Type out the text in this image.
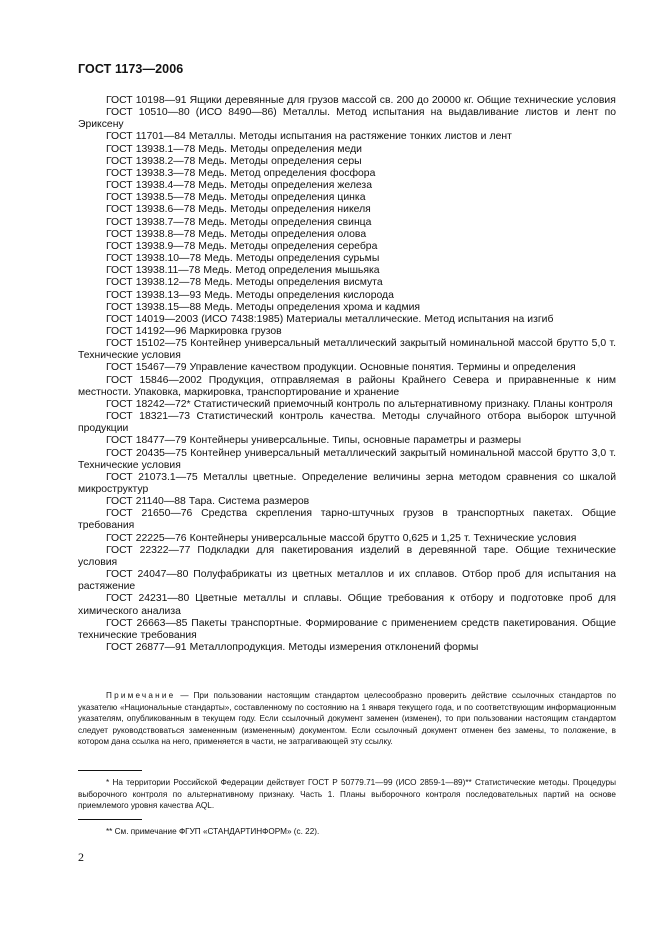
ГОСТ 1173—2006
ГОСТ 10198—91 Ящики деревянные для грузов массой св. 200 до 20000 кг. Общие технические условия
ГОСТ 10510—80 (ИСО 8490—86) Металлы. Метод испытания на выдавливание листов и лент по Эриксену
ГОСТ 11701—84 Металлы. Методы испытания на растяжение тонких листов и лент
ГОСТ 13938.1—78 Медь. Методы определения меди
ГОСТ 13938.2—78 Медь. Методы определения серы
ГОСТ 13938.3—78 Медь. Метод определения фосфора
ГОСТ 13938.4—78 Медь. Методы определения железа
ГОСТ 13938.5—78 Медь. Методы определения цинка
ГОСТ 13938.6—78 Медь. Методы определения никеля
ГОСТ 13938.7—78 Медь. Методы определения свинца
ГОСТ 13938.8—78 Медь. Методы определения олова
ГОСТ 13938.9—78 Медь. Методы определения серебра
ГОСТ 13938.10—78 Медь. Методы определения сурьмы
ГОСТ 13938.11—78 Медь. Метод определения мышьяка
ГОСТ 13938.12—78 Медь. Методы определения висмута
ГОСТ 13938.13—93 Медь. Методы определения кислорода
ГОСТ 13938.15—88 Медь. Методы определения хрома и кадмия
ГОСТ 14019—2003 (ИСО 7438:1985) Материалы металлические. Метод испытания на изгиб
ГОСТ 14192—96 Маркировка грузов
ГОСТ 15102—75 Контейнер универсальный металлический закрытый номинальной массой брутто 5,0 т. Технические условия
ГОСТ 15467—79 Управление качеством продукции. Основные понятия. Термины и определения
ГОСТ 15846—2002 Продукция, отправляемая в районы Крайнего Севера и приравненные к ним местности. Упаковка, маркировка, транспортирование и хранение
ГОСТ 18242—72* Статистический приемочный контроль по альтернативному признаку. Планы контроля
ГОСТ 18321—73 Статистический контроль качества. Методы случайного отбора выборок штучной продукции
ГОСТ 18477—79 Контейнеры универсальные. Типы, основные параметры и размеры
ГОСТ 20435—75 Контейнер универсальный металлический закрытый номинальной массой брутто 3,0 т. Технические условия
ГОСТ 21073.1—75 Металлы цветные. Определение величины зерна методом сравнения со шкалой микроструктур
ГОСТ 21140—88 Тара. Система размеров
ГОСТ 21650—76 Средства скрепления тарно-штучных грузов в транспортных пакетах. Общие требования
ГОСТ 22225—76 Контейнеры универсальные массой брутто 0,625 и 1,25 т. Технические условия
ГОСТ 22322—77 Подкладки для пакетирования изделий в деревянной таре. Общие технические условия
ГОСТ 24047—80 Полуфабрикаты из цветных металлов и их сплавов. Отбор проб для испытания на растяжение
ГОСТ 24231—80 Цветные металлы и сплавы. Общие требования к отбору и подготовке проб для химического анализа
ГОСТ 26663—85 Пакеты транспортные. Формирование с применением средств пакетирования. Общие технические требования
ГОСТ 26877—91 Металлопродукция. Методы измерения отклонений формы
Примечание — При пользовании настоящим стандартом целесообразно проверить действие ссылочных стандартов по указателю «Национальные стандарты», составленному по состоянию на 1 января текущего года, и по соответствующим информационным указателям, опубликованным в текущем году. Если ссылочный документ заменен (изменен), то при пользовании настоящим стандартом следует руководствоваться замененным (измененным) документом. Если ссылочный документ отменен без замены, то положение, в котором дана ссылка на него, применяется в части, не затрагивающей эту ссылку.
* На территории Российской Федерации действует ГОСТ Р 50779.71—99 (ИСО 2859-1—89)** Статистические методы. Процедуры выборочного контроля по альтернативному признаку. Часть 1. Планы выборочного контроля последовательных партий на основе приемлемого уровня качества AQL.
** См. примечание ФГУП «СТАНДАРТИНФОРМ» (с. 22).
2
